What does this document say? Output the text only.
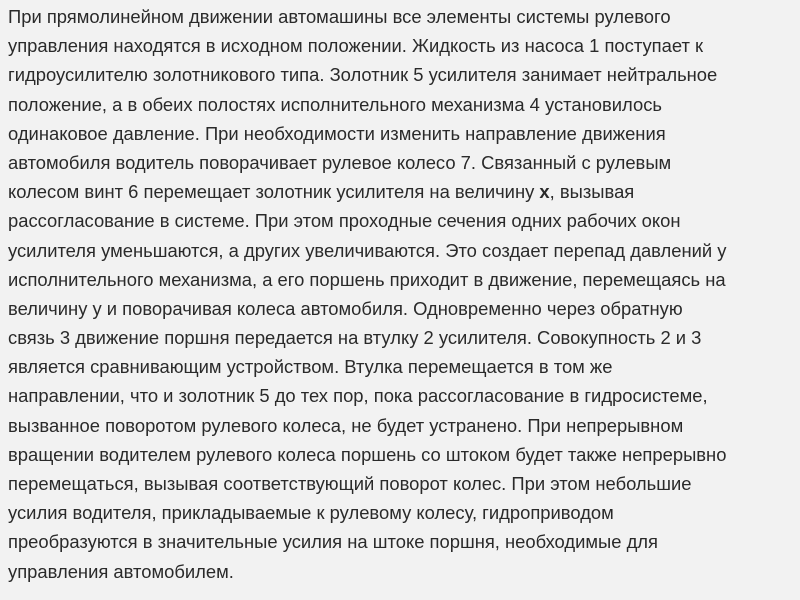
При прямолинейном движении автомашины все элементы системы рулевого
управления находятся в исходном положении. Жидкость из насоса 1 поступает к
гидроусилителю золотникового типа. Золотник 5 усилителя занимает нейтральное
положение, а в обеих полостях исполнительного механизма 4 установилось
одинаковое давление. При необходимости изменить направление движения
автомобиля водитель поворачивает рулевое колесо 7. Связанный с рулевым
колесом винт 6 перемещает золотник усилителя на величину x, вызывая
рассогласование в системе. При этом проходные сечения одних рабочих окон
усилителя уменьшаются, а других увеличиваются. Это создает перепад давлений у
исполнительного механизма, а его поршень приходит в движение, перемещаясь на
величину у и поворачивая колеса автомобиля. Одновременно через обратную
связь 3 движение поршня передается на втулку 2 усилителя. Совокупность 2 и 3
является сравнивающим устройством. Втулка перемещается в том же
направлении, что и золотник 5 до тех пор, пока рассогласование в гидросистеме,
вызванное поворотом рулевого колеса, не будет устранено. При непрерывном
вращении водителем рулевого колеса поршень со штоком будет также непрерывно
перемещаться, вызывая соответствующий поворот колес. При этом небольшие
усилия водителя, прикладываемые к рулевому колесу, гидроприводом
преобразуются в значительные усилия на штоке поршня, необходимые для
управления автомобилем.
